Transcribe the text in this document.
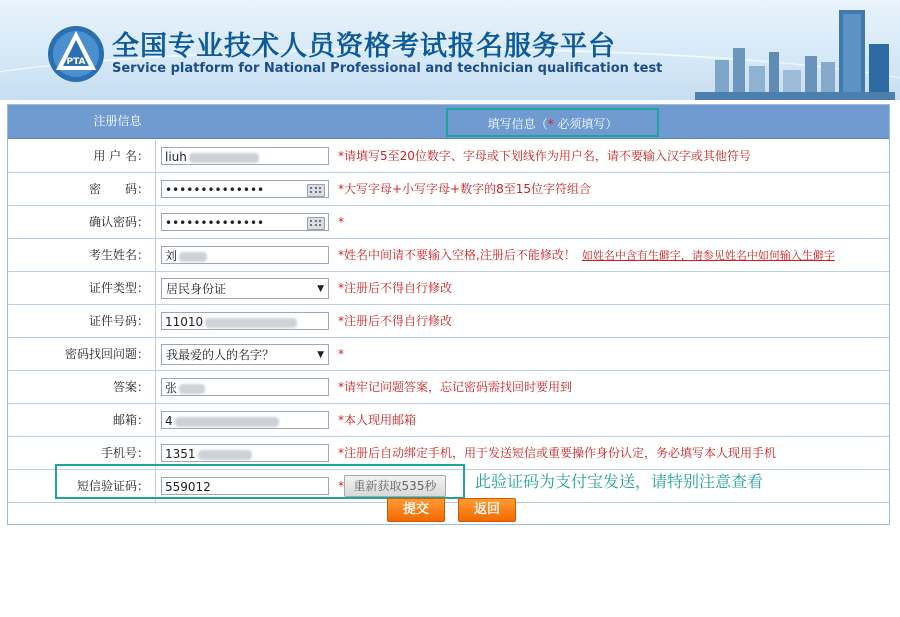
PTA 全国专业技术人员资格考试报名服务平台
Service platform for National Professional and technician qualification test
注册信息	填写信息（* 必须填写）
用 户 名：	liuh	*请填写5至20位数字、字母或下划线作为用户名，请不要输入汉字或其他符号
密　　码：	••••••••••••••	*大写字母+小写字母+数字的8至15位字符组合
确认密码：	••••••••••••••	*
考生姓名：	刘	*姓名中间请不要输入空格,注册后不能修改！ 如姓名中含有生僻字，请参见姓名中如何输入生僻字
证件类型：	居民身份证	▼ *注册后不得自行修改
证件号码：	11010	*注册后不得自行修改
密码找回问题：	我最爱的人的名字？	▼ *
答案：	张	*请牢记问题答案，忘记密码需找回时要用到
邮箱：	4	*本人现用邮箱
手机号：	1351	*注册后自动绑定手机，用于发送短信或重要操作身份认定，务必填写本人现用手机
短信验证码：	559012	* 重新获取535秒	此验证码为支付宝发送，请特别注意查看
提交	返回
